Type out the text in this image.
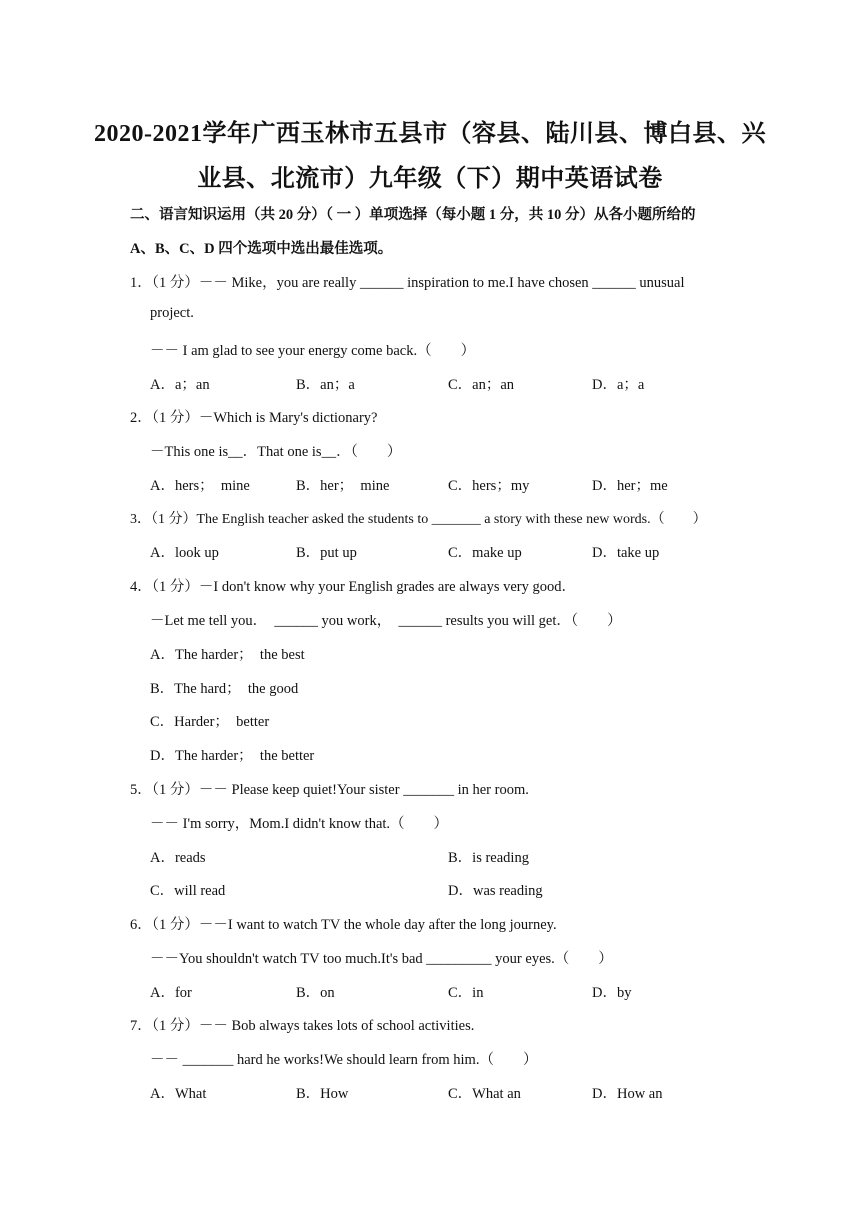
2020-2021学年广西玉林市五县市（容县、陆川县、博白县、兴
业县、北流市）九年级（下）期中英语试卷
二、语言知识运用（共 20 分）（ 一 ）单项选择（每小题 1 分，共 10 分）从各小题所给的
A、B、C、D 四个选项中选出最佳选项。
1．（1 分）－－ Mike，you are really ______ inspiration to me.I have chosen ______ unusual
project.
－－ I am glad to see your energy come back.（　　）
A．a；an	B．an；a	C．an；an	D．a；a
2．（1 分）－Which is Mary's dictionary?
－This one is__．That one is__．（　　）
A．hers；　mine	B．her；　mine	C．hers；my	D．her；me
3．（1 分）The English teacher asked the students to _______ a story with these new words.（　　）
A．look up	B．put up	C．make up	D．take up
4．（1 分）－I don't know why your English grades are always very good．
－Let me tell you．　______ you work，　______ results you will get．（　　）
A．The harder；　the best
B．The hard；　the good
C．Harder；　better
D．The harder；　the better
5．（1 分）－－ Please keep quiet!Your sister _______ in her room.
－－ I'm sorry，Mom.I didn't know that.（　　）
A．reads	B．is reading
C．will read	D．was reading
6．（1 分）－－I want to watch TV the whole day after the long journey.
－－You shouldn't watch TV too much.It's bad _________ your eyes.（　　）
A．for	B．on	C．in	D．by
7．（1 分）－－ Bob always takes lots of school activities.
－－ _______ hard he works!We should learn from him.（　　）
A．What	B．How	C．What an	D．How an
